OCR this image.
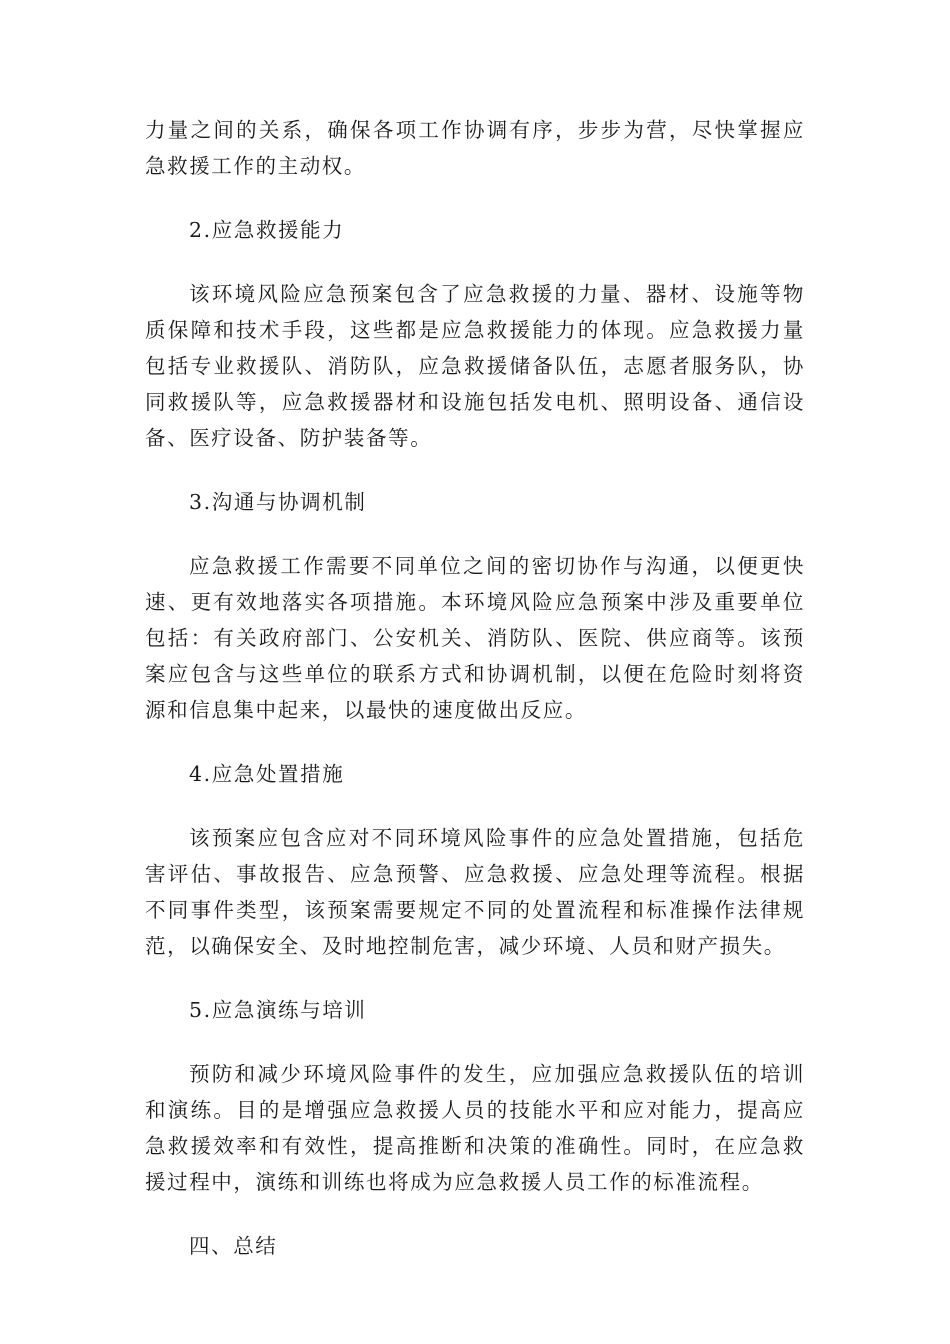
力量之间的关系，确保各项工作协调有序，步步为营，尽快掌握应急救援工作的主动权。

2.应急救援能力

该环境风险应急预案包含了应急救援的力量、器材、设施等物质保障和技术手段，这些都是应急救援能力的体现。应急救援力量包括专业救援队、消防队，应急救援储备队伍，志愿者服务队，协同救援队等，应急救援器材和设施包括发电机、照明设备、通信设备、医疗设备、防护装备等。

3.沟通与协调机制

应急救援工作需要不同单位之间的密切协作与沟通，以便更快速、更有效地落实各项措施。本环境风险应急预案中涉及重要单位包括：有关政府部门、公安机关、消防队、医院、供应商等。该预案应包含与这些单位的联系方式和协调机制，以便在危险时刻将资源和信息集中起来，以最快的速度做出反应。

4.应急处置措施

该预案应包含应对不同环境风险事件的应急处置措施，包括危害评估、事故报告、应急预警、应急救援、应急处理等流程。根据不同事件类型，该预案需要规定不同的处置流程和标准操作法律规范，以确保安全、及时地控制危害，减少环境、人员和财产损失。

5.应急演练与培训

预防和减少环境风险事件的发生，应加强应急救援队伍的培训和演练。目的是增强应急救援人员的技能水平和应对能力，提高应急救援效率和有效性，提高推断和决策的准确性。同时，在应急救援过程中，演练和训练也将成为应急救援人员工作的标准流程。

四、总结
